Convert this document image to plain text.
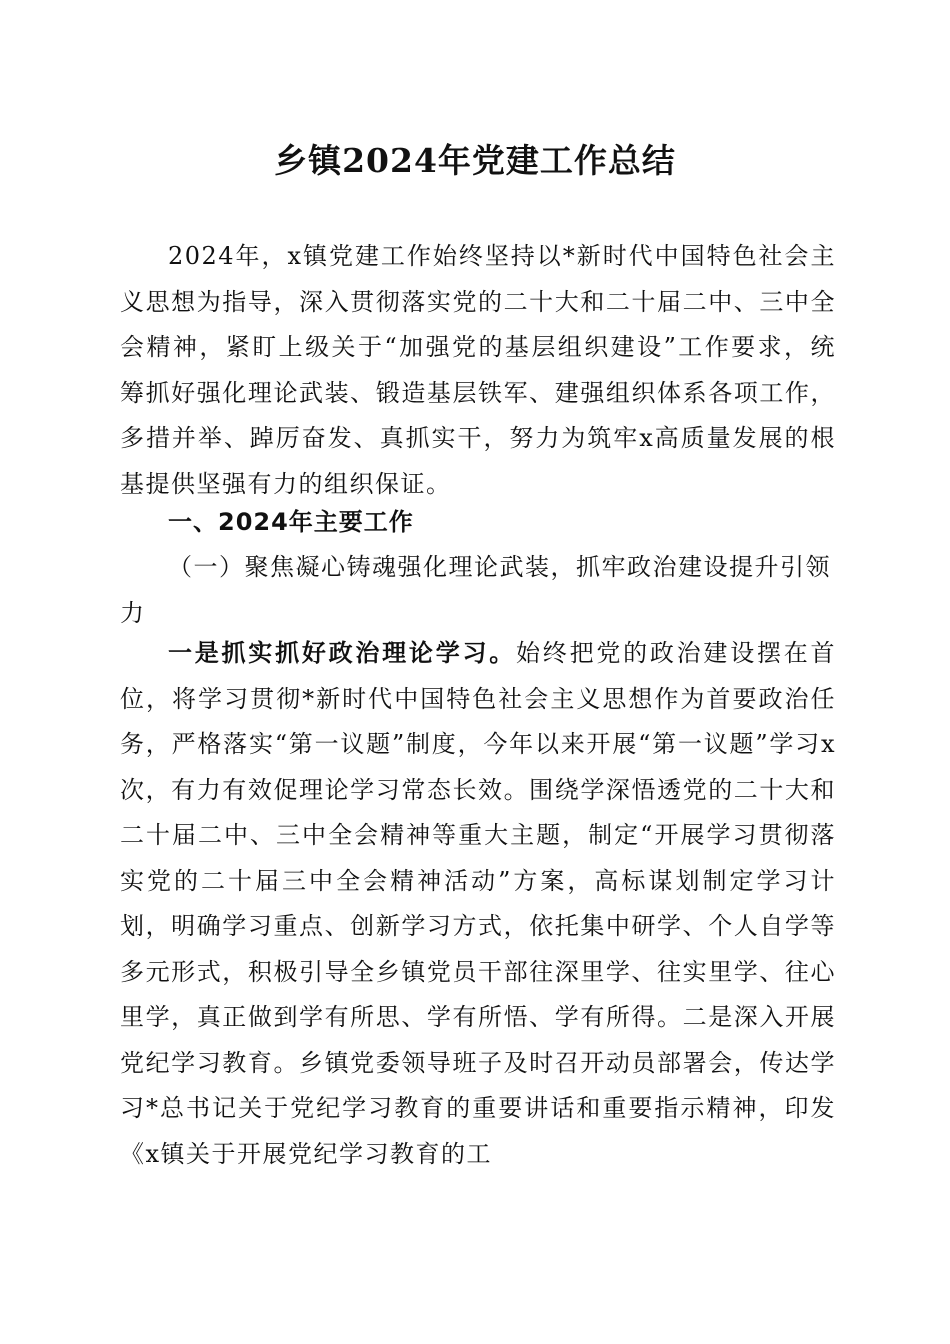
乡镇2024年党建工作总结

2024年，x镇党建工作始终坚持以*新时代中国特色社会主义思想为指导，深入贯彻落实党的二十大和二十届二中、三中全会精神，紧盯上级关于“加强党的基层组织建设”工作要求，统筹抓好强化理论武装、锻造基层铁军、建强组织体系各项工作，多措并举、踔厉奋发、真抓实干，努力为筑牢x高质量发展的根基提供坚强有力的组织保证。

一、2024年主要工作

（一）聚焦凝心铸魂强化理论武装，抓牢政治建设提升引领力

一是抓实抓好政治理论学习。始终把党的政治建设摆在首位，将学习贯彻*新时代中国特色社会主义思想作为首要政治任务，严格落实“第一议题”制度，今年以来开展“第一议题”学习x次，有力有效促理论学习常态长效。围绕学深悟透党的二十大和二十届二中、三中全会精神等重大主题，制定“开展学习贯彻落实党的二十届三中全会精神活动”方案，高标谋划制定学习计划，明确学习重点、创新学习方式，依托集中研学、个人自学等多元形式，积极引导全乡镇党员干部往深里学、往实里学、往心里学，真正做到学有所思、学有所悟、学有所得。二是深入开展党纪学习教育。乡镇党委领导班子及时召开动员部署会，传达学习*总书记关于党纪学习教育的重要讲话和重要指示精神，印发《x镇关于开展党纪学习教育的工
